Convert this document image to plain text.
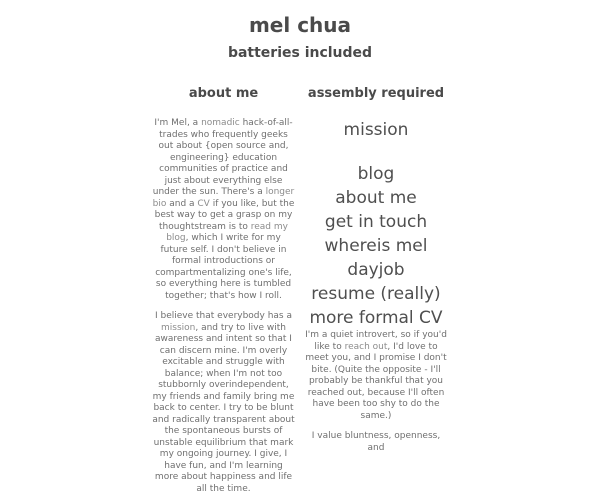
mel chua
batteries included
about me

I'm Mel, a nomadic hack-of-all-trades who frequently geeks out about {open source and, engineering} education communities of practice and just about everything else under the sun. There's a longer bio and a CV if you like, but the best way to get a grasp on my thoughtstream is to read my blog, which I write for my future self. I don't believe in formal introductions or compartmentalizing one's life, so everything here is tumbled together; that's how I roll.

I believe that everybody has a mission, and try to live with awareness and intent so that I can discern mine. I'm overly excitable and struggle with balance; when I'm not too stubbornly overindependent, my friends and family bring me back to center. I try to be blunt and radically transparent about the spontaneous bursts of unstable equilibrium that mark my ongoing journey. I give, I have fun, and I'm learning more about happiness and life all the time.

assembly required
mission
blog
about me
get in touch
whereis mel
dayjob
resume (really)
more formal CV

I'm a quiet introvert, so if you'd like to reach out, I'd love to meet you, and I promise I don't bite. (Quite the opposite - I'll probably be thankful that you reached out, because I'll often have been too shy to do the same.)

I value bluntness, openness, and
